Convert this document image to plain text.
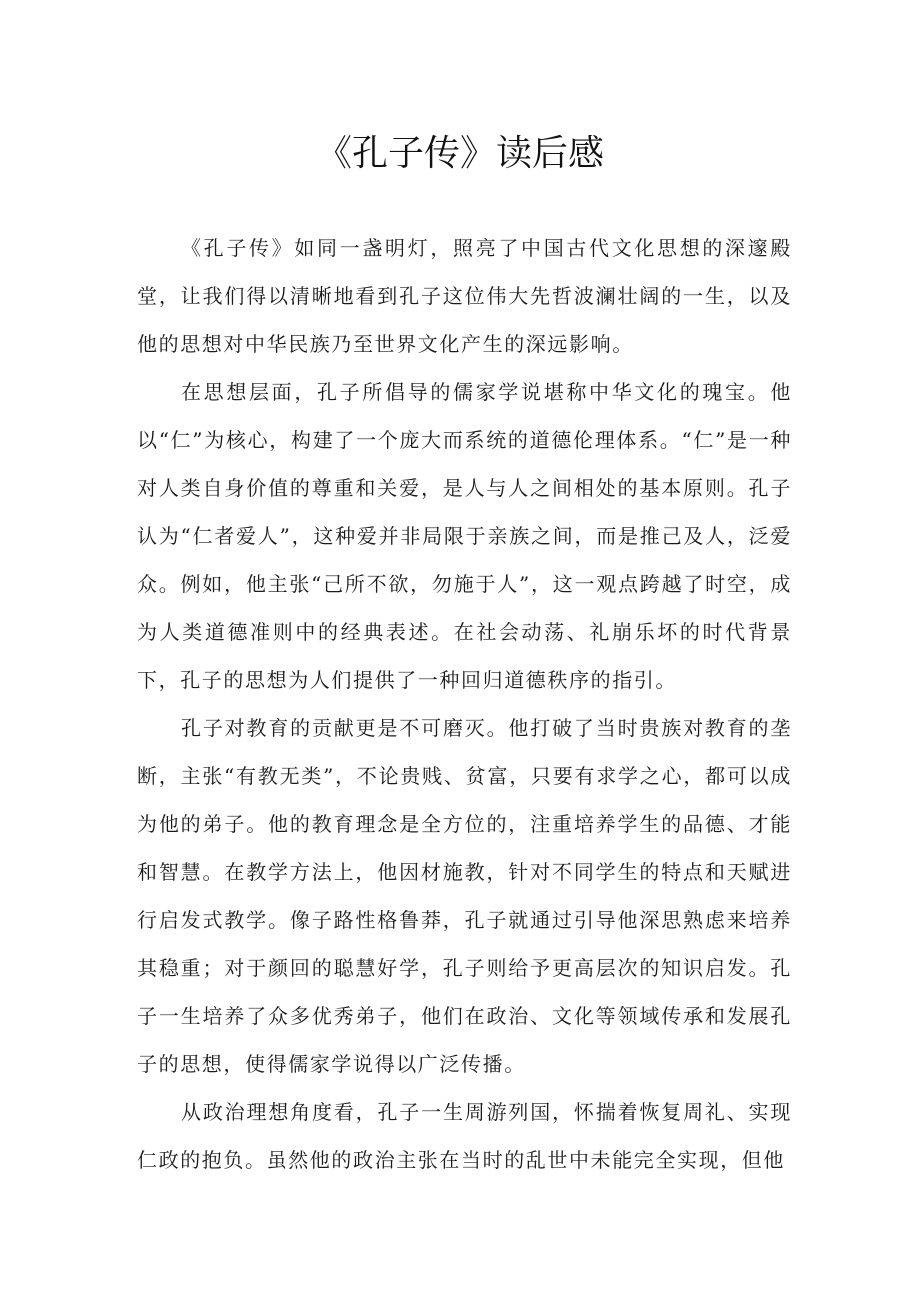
《孔子传》读后感

《孔子传》如同一盏明灯，照亮了中国古代文化思想的深邃殿堂，让我们得以清晰地看到孔子这位伟大先哲波澜壮阔的一生，以及他的思想对中华民族乃至世界文化产生的深远影响。

在思想层面，孔子所倡导的儒家学说堪称中华文化的瑰宝。他以“仁”为核心，构建了一个庞大而系统的道德伦理体系。“仁”是一种对人类自身价值的尊重和关爱，是人与人之间相处的基本原则。孔子认为“仁者爱人”，这种爱并非局限于亲族之间，而是推己及人，泛爱众。例如，他主张“己所不欲，勿施于人”，这一观点跨越了时空，成为人类道德准则中的经典表述。在社会动荡、礼崩乐坏的时代背景下，孔子的思想为人们提供了一种回归道德秩序的指引。

孔子对教育的贡献更是不可磨灭。他打破了当时贵族对教育的垄断，主张“有教无类”，不论贵贱、贫富，只要有求学之心，都可以成为他的弟子。他的教育理念是全方位的，注重培养学生的品德、才能和智慧。在教学方法上，他因材施教，针对不同学生的特点和天赋进行启发式教学。像子路性格鲁莽，孔子就通过引导他深思熟虑来培养其稳重；对于颜回的聪慧好学，孔子则给予更高层次的知识启发。孔子一生培养了众多优秀弟子，他们在政治、文化等领域传承和发展孔子的思想，使得儒家学说得以广泛传播。

从政治理想角度看，孔子一生周游列国，怀揣着恢复周礼、实现仁政的抱负。虽然他的政治主张在当时的乱世中未能完全实现，但他
